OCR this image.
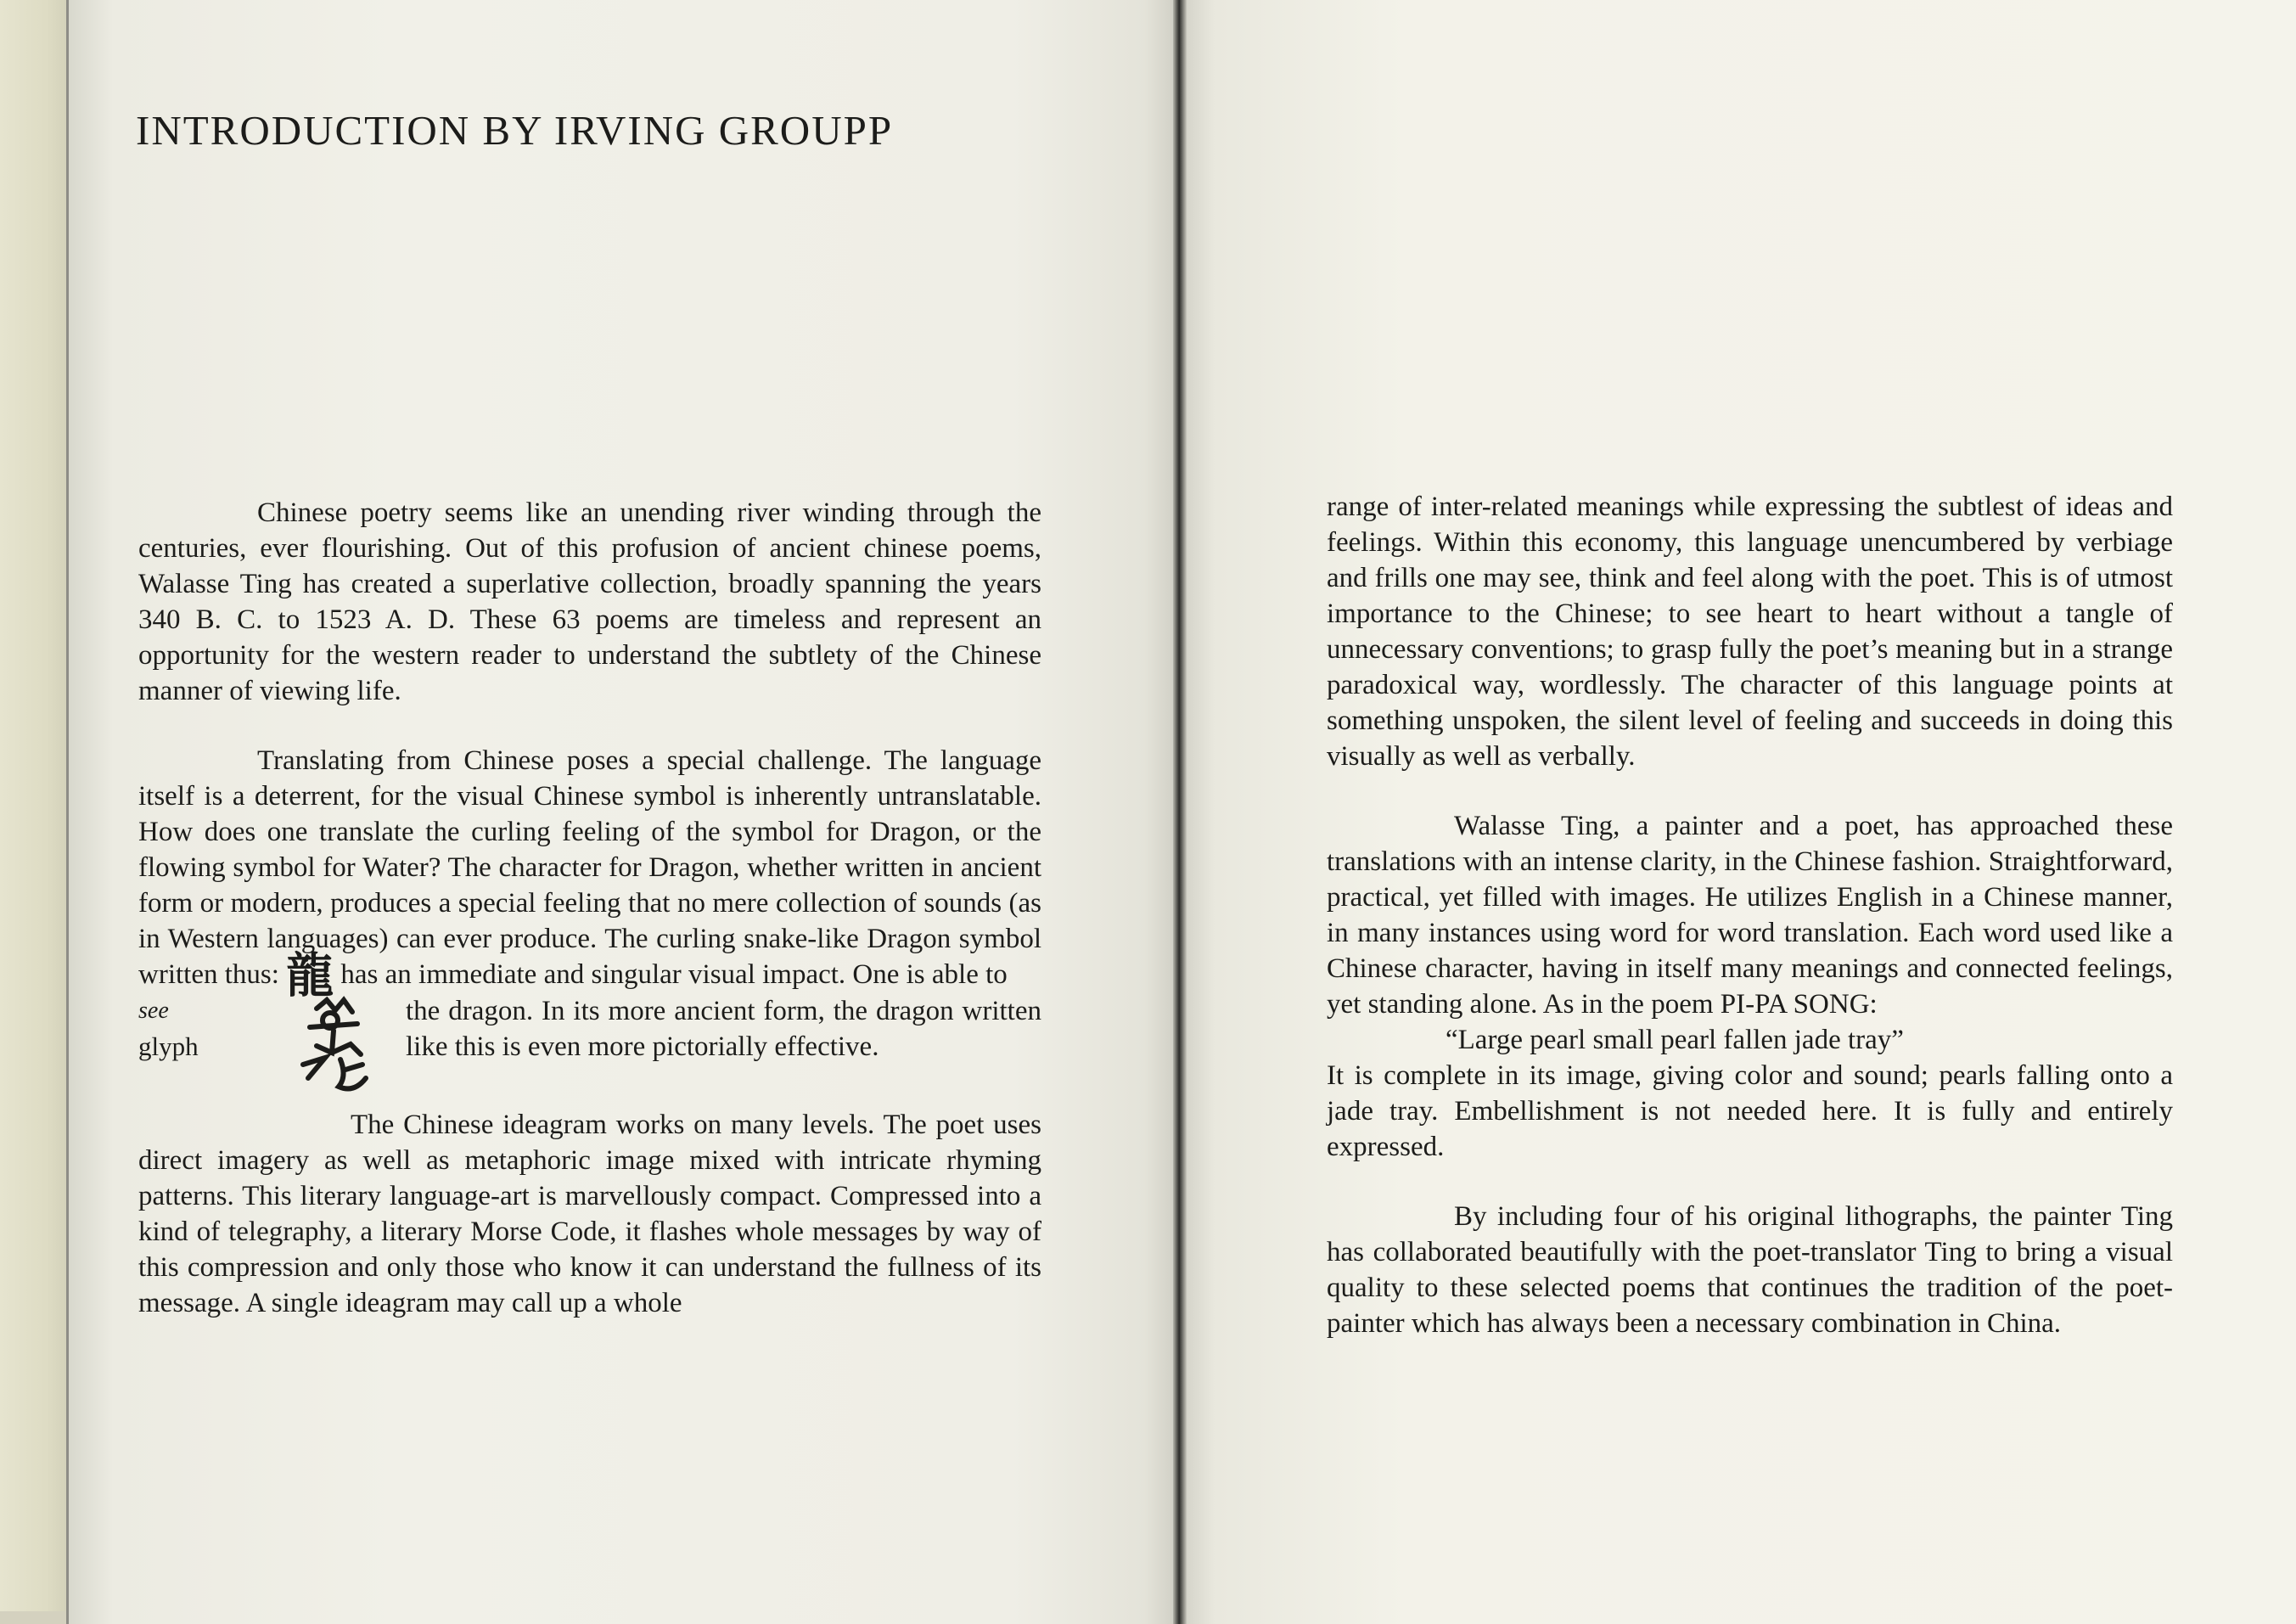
INTRODUCTION BY IRVING GROUPP

Chinese poetry seems like an unending river winding through the centuries, ever flourishing. Out of this profusion of ancient chinese poems, Walasse Ting has created a superlative collection, broadly spanning the years 340 B. C. to 1523 A. D. These 63 poems are timeless and represent an opportunity for the western reader to understand the subtlety of the Chinese manner of viewing life.

Translating from Chinese poses a special challenge. The language itself is a deterrent, for the visual Chinese symbol is inherently untranslatable. How does one translate the curling feeling of the symbol for Dragon, or the flowing symbol for Water? The character for Dragon, whether written in ancient form or modern, produces a special feeling that no mere collection of sounds (as in Western languages) can ever produce. The curling snake-like Dragon symbol written thus: 龍 has an immediate and singular visual impact. One is able to

see
glyph

the dragon. In its more ancient form, the dragon written like this is even more pictorially effective.

The Chinese ideagram works on many levels. The poet uses direct imagery as well as metaphoric image mixed with intricate rhyming patterns. This literary language-art is marvellously compact. Compressed into a kind of telegraphy, a literary Morse Code, it flashes whole messages by way of this compression and only those who know it can understand the fullness of its message. A single ideagram may call up a whole

range of inter-related meanings while expressing the subtlest of ideas and feelings. Within this economy, this language unencumbered by verbiage and frills one may see, think and feel along with the poet. This is of utmost importance to the Chinese; to see heart to heart without a tangle of unnecessary conventions; to grasp fully the poet’s meaning but in a strange paradoxical way, wordlessly. The character of this language points at something unspoken, the silent level of feeling and succeeds in doing this visually as well as verbally.

Walasse Ting, a painter and a poet, has approached these translations with an intense clarity, in the Chinese fashion. Straightforward, practical, yet filled with images. He utilizes English in a Chinese manner, in many instances using word for word translation. Each word used like a Chinese character, having in itself many meanings and connected feelings, yet standing alone. As in the poem PI-PA SONG:

“Large pearl small pearl fallen jade tray”

It is complete in its image, giving color and sound; pearls falling onto a jade tray. Embellishment is not needed here. It is fully and entirely expressed.

By including four of his original lithographs, the painter Ting has collaborated beautifully with the poet-translator Ting to bring a visual quality to these selected poems that continues the tradition of the poet-painter which has always been a necessary combination in China.
